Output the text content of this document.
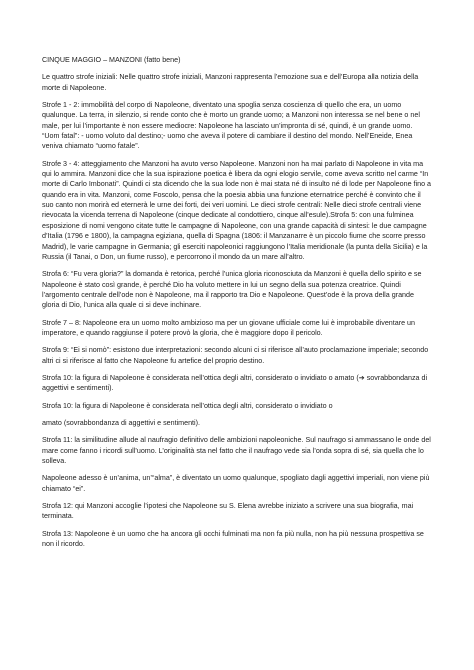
CINQUE MAGGIO – MANZONI (fatto bene)

Le quattro strofe iniziali: Nelle quattro strofe iniziali, Manzoni rappresenta l’emozione sua e dell’Europa alla notizia della morte di Napoleone.

Strofe 1 - 2: immobilità del corpo di Napoleone, diventato una spoglia senza coscienza di quello che era, un uomo qualunque. La terra, in silenzio, si rende conto che è morto un grande uomo; a Manzoni non interessa se nel bene o nel male, per lui l’importante è non essere mediocre: Napoleone ha lasciato un’impronta di sé, quindi, è un grande uomo. “Uom fatal”: - uomo voluto dal destino;- uomo che aveva il potere di cambiare il destino del mondo. Nell’Eneide, Enea veniva chiamato “uomo fatale”.

Strofe 3 - 4: atteggiamento che Manzoni ha avuto verso Napoleone. Manzoni non ha mai parlato di Napoleone in vita ma qui lo ammira. Manzoni dice che la sua ispirazione poetica è libera da ogni elogio servile, come aveva scritto nel carme “In morte di Carlo Imbonati”. Quindi ci sta dicendo che la sua lode non è mai stata né di insulto né di lode per Napoleone fino a quando era in vita. Manzoni, come Foscolo, pensa che la poesia abbia una funzione eternatrice perché è convinto che il suo canto non morirà ed eternerà le urne dei forti, dei veri uomini. Le dieci strofe centrali: Nelle dieci strofe centrali viene rievocata la vicenda terrena di Napoleone (cinque dedicate al condottiero, cinque all’esule).Strofa 5: con una fulminea esposizione di nomi vengono citate tutte le campagne di Napoleone, con una grande capacità di sintesi: le due campagne d’Italia (1796 e 1800), la campagna egiziana, quella di Spagna (1806: il Manzanarre è un piccolo fiume che scorre presso Madrid), le varie campagne in Germania; gli eserciti napoleonici raggiungono l’Italia meridionale (la punta della Sicilia) e la Russia (il Tanai, o Don, un fiume russo), e percorrono il mondo da un mare all’altro.

Strofa 6: “Fu vera gloria?” la domanda è retorica, perché l’unica gloria riconosciuta da Manzoni è quella dello spirito e se Napoleone è stato così grande, è perché Dio ha voluto mettere in lui un segno della sua potenza creatrice. Quindi l’argomento centrale dell’ode non è Napoleone, ma il rapporto tra Dio e Napoleone. Quest’ode è la prova della grande gloria di Dio, l’unica alla quale ci si deve inchinare.

Strofe 7 – 8: Napoleone era un uomo molto ambizioso ma per un giovane ufficiale come lui è improbabile diventare un imperatore, e quando raggiunse il potere provò la gloria, che è maggiore dopo il pericolo.

Strofa 9: “Ei si nomò”: esistono due interpretazioni: secondo alcuni ci si riferisce all’auto proclamazione imperiale; secondo altri ci si riferisce al fatto che Napoleone fu artefice del proprio destino.

Strofa 10: la figura di Napoleone è considerata nell’ottica degli altri, considerato o invidiato o amato (➔ sovrabbondanza di aggettivi e sentimenti).

Strofa 10: la figura di Napoleone è considerata nell’ottica degli altri, considerato o invidiato o

amato (sovrabbondanza di aggettivi e sentimenti).

Strofa 11: la similitudine allude al naufragio definitivo delle ambizioni napoleoniche. Sul naufrago si ammassano le onde del mare come fanno i ricordi sull’uomo. L’originalità sta nel fatto che il naufrago vede sia l’onda sopra di sé, sia quella che lo solleva.

Napoleone adesso è un’anima, un’“alma”, è diventato un uomo qualunque, spogliato dagli aggettivi imperiali, non viene più chiamato “ei”.

Strofa 12: qui Manzoni accoglie l’ipotesi che Napoleone su S. Elena avrebbe iniziato a scrivere una sua biografia, mai terminata.

Strofa 13: Napoleone è un uomo che ha ancora gli occhi fulminati ma non fa più nulla, non ha più nessuna prospettiva se non il ricordo.
